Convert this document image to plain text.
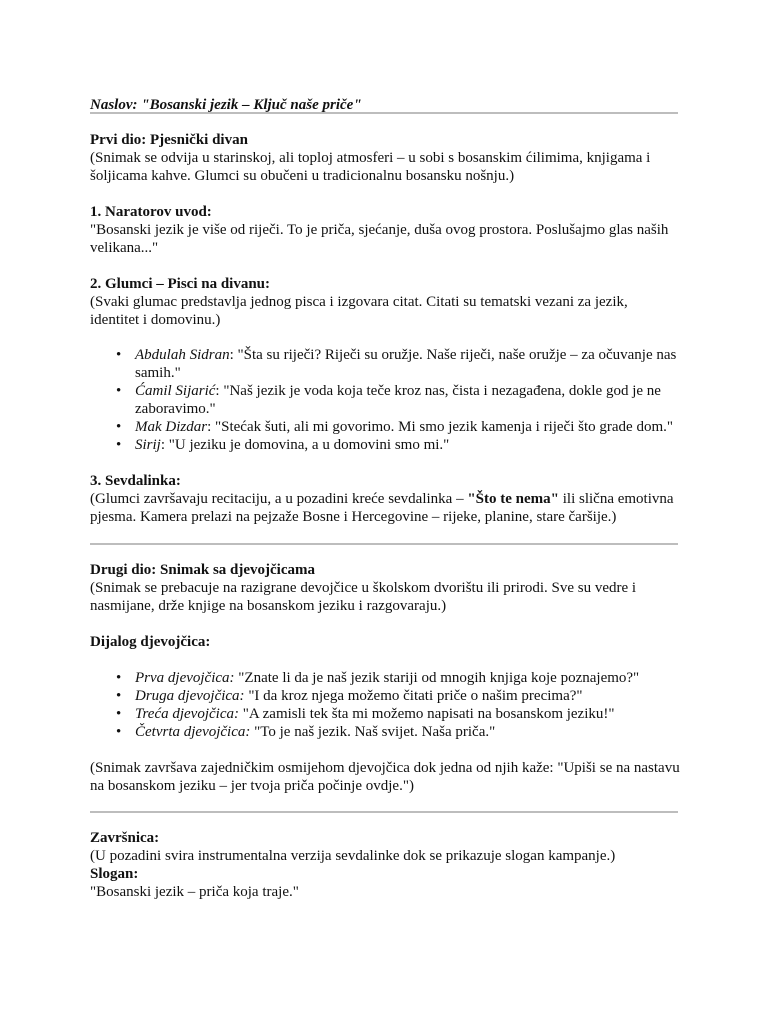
Naslov: "Bosanski jezik – Ključ naše priče"
Prvi dio: Pjesnički divan

(Snimak se odvija u starinskoj, ali toploj atmosferi – u sobi s bosanskim ćilimima, knjigama i šoljicama kahve. Glumci su obučeni u tradicionalnu bosansku nošnju.)

1. Naratorov uvod:

"Bosanski jezik je više od riječi. To je priča, sjećanje, duša ovog prostora. Poslušajmo glas naših velikana..."

2. Glumci – Pisci na divanu:

(Svaki glumac predstavlja jednog pisca i izgovara citat. Citati su tematski vezani za jezik, identitet i domovinu.)

• Abdulah Sidran: "Šta su riječi? Riječi su oružje. Naše riječi, naše oružje – za očuvanje nas samih."
• Ćamil Sijarić: "Naš jezik je voda koja teče kroz nas, čista i nezagađena, dokle god je ne zaboravimo."
• Mak Dizdar: "Stećak šuti, ali mi govorimo. Mi smo jezik kamenja i riječi što grade dom."
• Sirij: "U jeziku je domovina, a u domovini smo mi."
3. Sevdalinka:

(Glumci završavaju recitaciju, a u pozadini kreće sevdalinka – "Što te nema" ili slična emotivna pjesma. Kamera prelazi na pejzaže Bosne i Hercegovine – rijeke, planine, stare čaršije.)

Drugi dio: Snimak sa djevojčicama

(Snimak se prebacuje na razigrane devojčice u školskom dvorištu ili prirodi. Sve su vedre i nasmijane, drže knjige na bosanskom jeziku i razgovaraju.)

Dijalog djevojčica:
• Prva djevojčica: "Znate li da je naš jezik stariji od mnogih knjiga koje poznajemo?"
• Druga djevojčica: "I da kroz njega možemo čitati priče o našim precima?"
• Treća djevojčica: "A zamisli tek šta mi možemo napisati na bosanskom jeziku!"
• Četvrta djevojčica: "To je naš jezik. Naš svijet. Naša priča."

(Snimak završava zajedničkim osmijehom djevojčica dok jedna od njih kaže: "Upiši se na nastavu na bosanskom jeziku – jer tvoja priča počinje ovdje.")

Završnica:

(U pozadini svira instrumentalna verzija sevdalinke dok se prikazuje slogan kampanje.)

Slogan:

"Bosanski jezik – priča koja traje."
